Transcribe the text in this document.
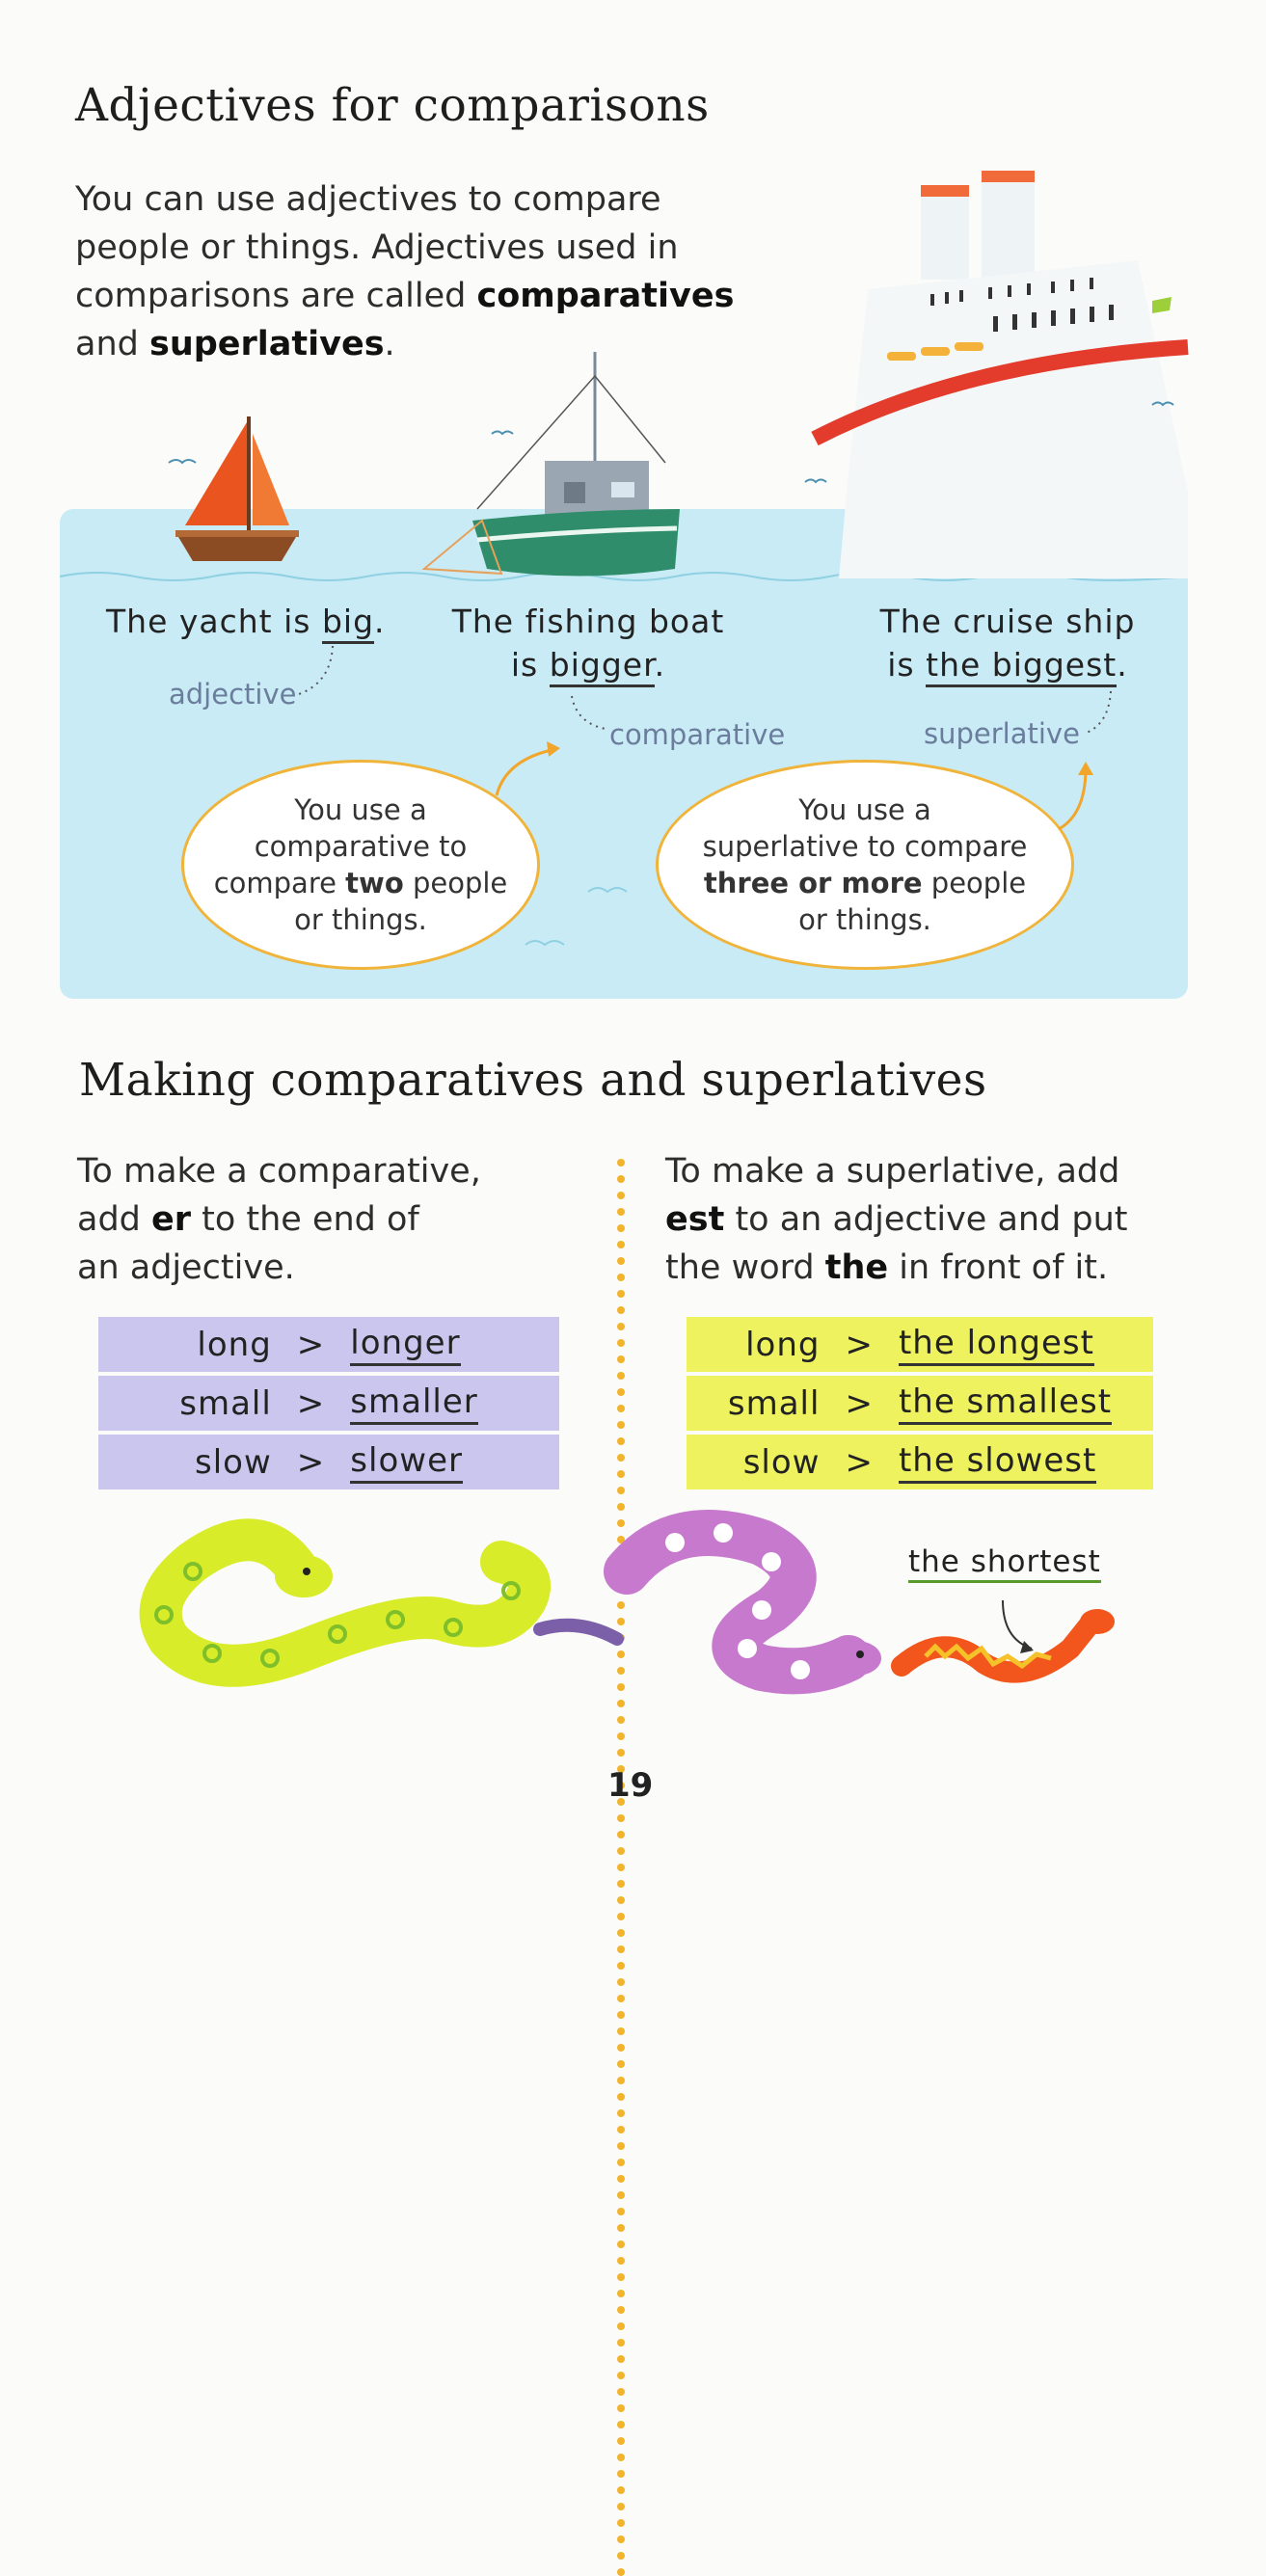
Adjectives for comparisons
You can use adjectives to compare
people or things. Adjectives used in
comparisons are called comparatives
and superlatives.
The yacht is big.
adjective
The fishing boat
is bigger.
comparative
The cruise ship
is the biggest.
superlative
You use a
comparative to
compare two people
or things.
You use a
superlative to compare
three or more people
or things.
Making comparatives and superlatives
To make a comparative,
add er to the end of
an adjective.
To make a superlative, add
est to an adjective and put
the word the in front of it.
long > longer
small > smaller
slow > slower
long > the longest
small > the smallest
slow > the slowest
the shortest
19
